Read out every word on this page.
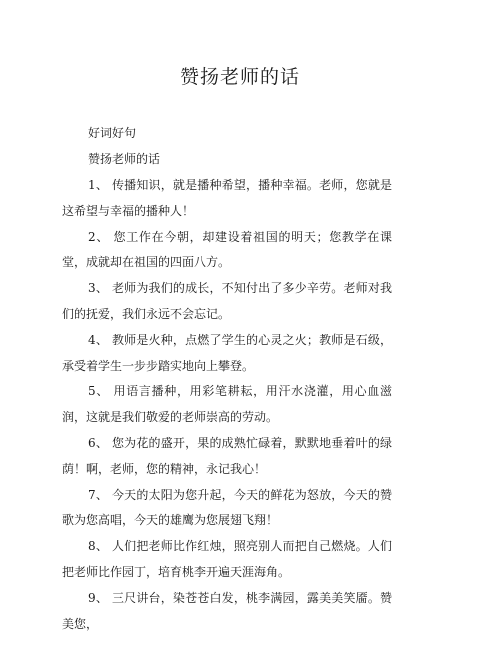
赞扬老师的话
好词好句
赞扬老师的话

1、 传播知识，就是播种希望，播种幸福。老师，您就是这希望与幸福的播种人！

2、 您工作在今朝，却建设着祖国的明天；您教学在课堂，成就却在祖国的四面八方。

3、 老师为我们的成长，不知付出了多少辛劳。老师对我们的抚爱，我们永远不会忘记。

4、 教师是火种，点燃了学生的心灵之火；教师是石级，承受着学生一步步踏实地向上攀登。

5、 用语言播种，用彩笔耕耘，用汗水浇灌，用心血滋润，这就是我们敬爱的老师崇高的劳动。

6、 您为花的盛开，果的成熟忙碌着，默默地垂着叶的绿荫！啊，老师，您的精神，永记我心！

7、 今天的太阳为您升起，今天的鲜花为怒放，今天的赞歌为您高唱，今天的雄鹰为您展翅飞翔！

8、 人们把老师比作红烛，照亮别人而把自己燃烧。人们把老师比作园丁，培育桃李开遍天涯海角。

9、 三尺讲台，染苍苍白发，桃李满园，露美美笑靥。赞美您，
